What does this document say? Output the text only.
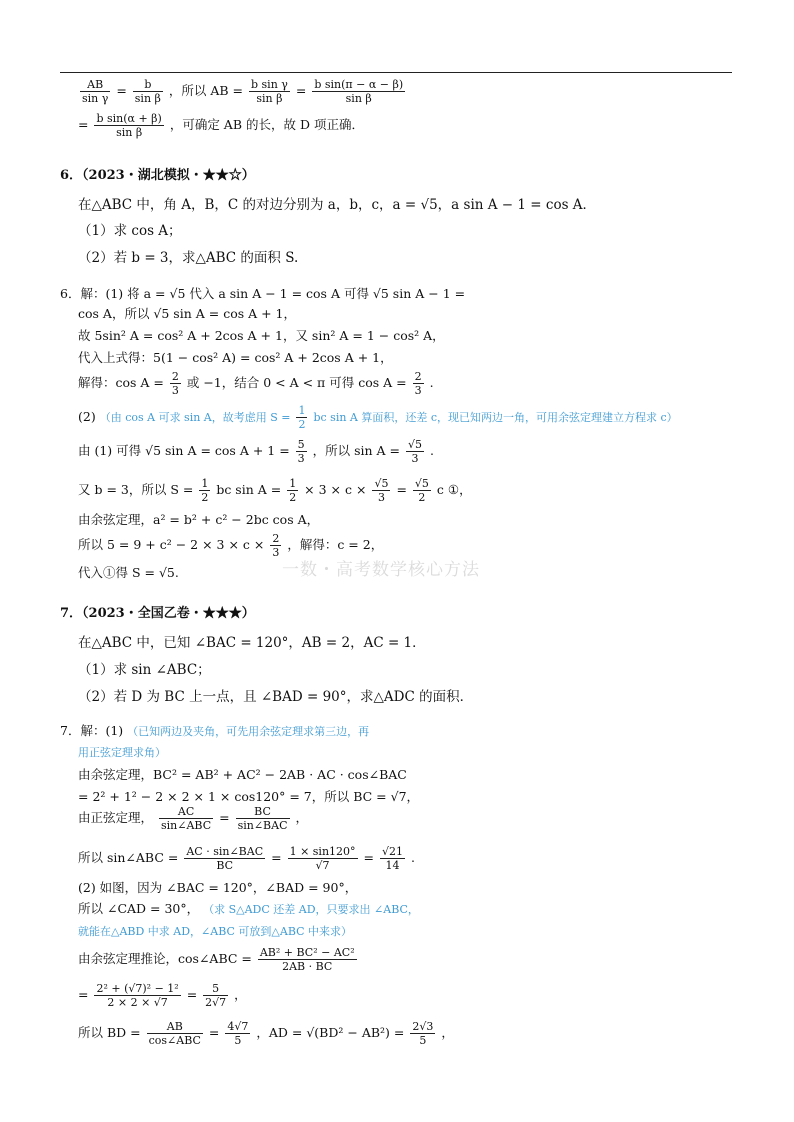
$\frac{AB}{\text{sin γ}} = \frac{b}{\text{sin β}}$ ，所以 AB = $\frac{\text{b sin γ}}{\text{sin β}} = \frac{\text{b sin(π − α − β)}}{\text{sin β}}$
= $\frac{\text{b sin(α + β)}}{\text{sin β}}$ ，可确定 AB 的长，故 D 项正确．
6．（2023・湖北模拟・★★☆）
在△ABC 中，角 A，B，C 的对边分别为 a，b，c，a = √5，a sin A − 1 = cos A．
（1）求 cos A；
（2）若 b = 3，求△ABC 的面积 S.
6．解：(1) 将 a = √5 代入 a sin A − 1 = cos A 可得 √5 sin A − 1 =
cos A，所以 √5 sin A = cos A + 1，
故 5sin² A = cos² A + 2cos A + 1，又 sin² A = 1 − cos² A，
代入上式得：5(1 − cos² A) = cos² A + 2cos A + 1，
解得：$\cos A = \frac{2}{3}$ 或 −1，结合 0 < A < π 可得 $\cos A = \frac{2}{3}$ .
(2) （由 cos A 可求 sin A，故考虑用 $S = \frac{1}{2}$ bc sin A 算面积，还差 c，现已知两边一角，可用余弦定理建立方程求 c）
由 (1) 可得 √5 $\sin A = \cos A + 1 = \frac{5}{3}$ ，所以 $\sin A = \frac{√5}{3}$ .
又 b = 3，所以 $S = \frac{1}{2}$ bc $\sin A = \frac{1}{2} \times 3 \times c \times \frac{√5}{3} = \frac{√5}{2}$ c ①，
由余弦定理，a² = b² + c² − 2bc cos A，
所以 $5 = 9 + c^2 - 2 \times 3 \times c \times \frac{2}{3}$ ，解得：c = 2，
代入①得 S = √5.	一数・高考数学核心方法
7．（2023・全国乙卷・★★★）
在△ABC 中，已知 ∠BAC = 120°，AB = 2，AC = 1．
（1）求 sin ∠ABC；
（2）若 D 为 BC 上一点，且 ∠BAD = 90°，求△ADC 的面积．
7．解：(1) （已知两边及夹角，可先用余弦定理求第三边，再
用正弦定理求角）
由余弦定理，BC² = AB² + AC² − 2AB · AC · cos∠BAC
= 2² + 1² − 2 × 2 × 1 × cos120° = 7，所以 BC = √7，
由正弦定理， $\frac{AC}{\text{sin∠ABC}} = \frac{BC}{\text{sin∠BAC}}$ ，
所以 sin∠ABC = $\frac{\text{AC · sin∠BAC}}{BC} = \frac{1 \times \sin 120^\circ}{√7} = \frac{√21}{14}$ .
(2) 如图，因为 ∠BAC = 120°，∠BAD = 90°，
所以 ∠CAD = 30°， （求 S△ADC 还差 AD，只要求出 ∠ABC，
就能在△ABD 中求 AD，∠ABC 可放到△ABC 中来求）
由余弦定理推论，cos∠ABC = $\frac{\text{AB² + BC² − AC²}}{2AB \cdot BC}$
= $\frac{\text{2² + (√7)² − 1²}}{2 \times 2 \times √7} = \frac{5}{2√7}$ ，
所以 BD = $\frac{AB}{\text{cos∠ABC}} = \frac{4√7}{5}$ ，AD = $√(BD^2 - AB^2) = \frac{2√3}{5}$ ，
